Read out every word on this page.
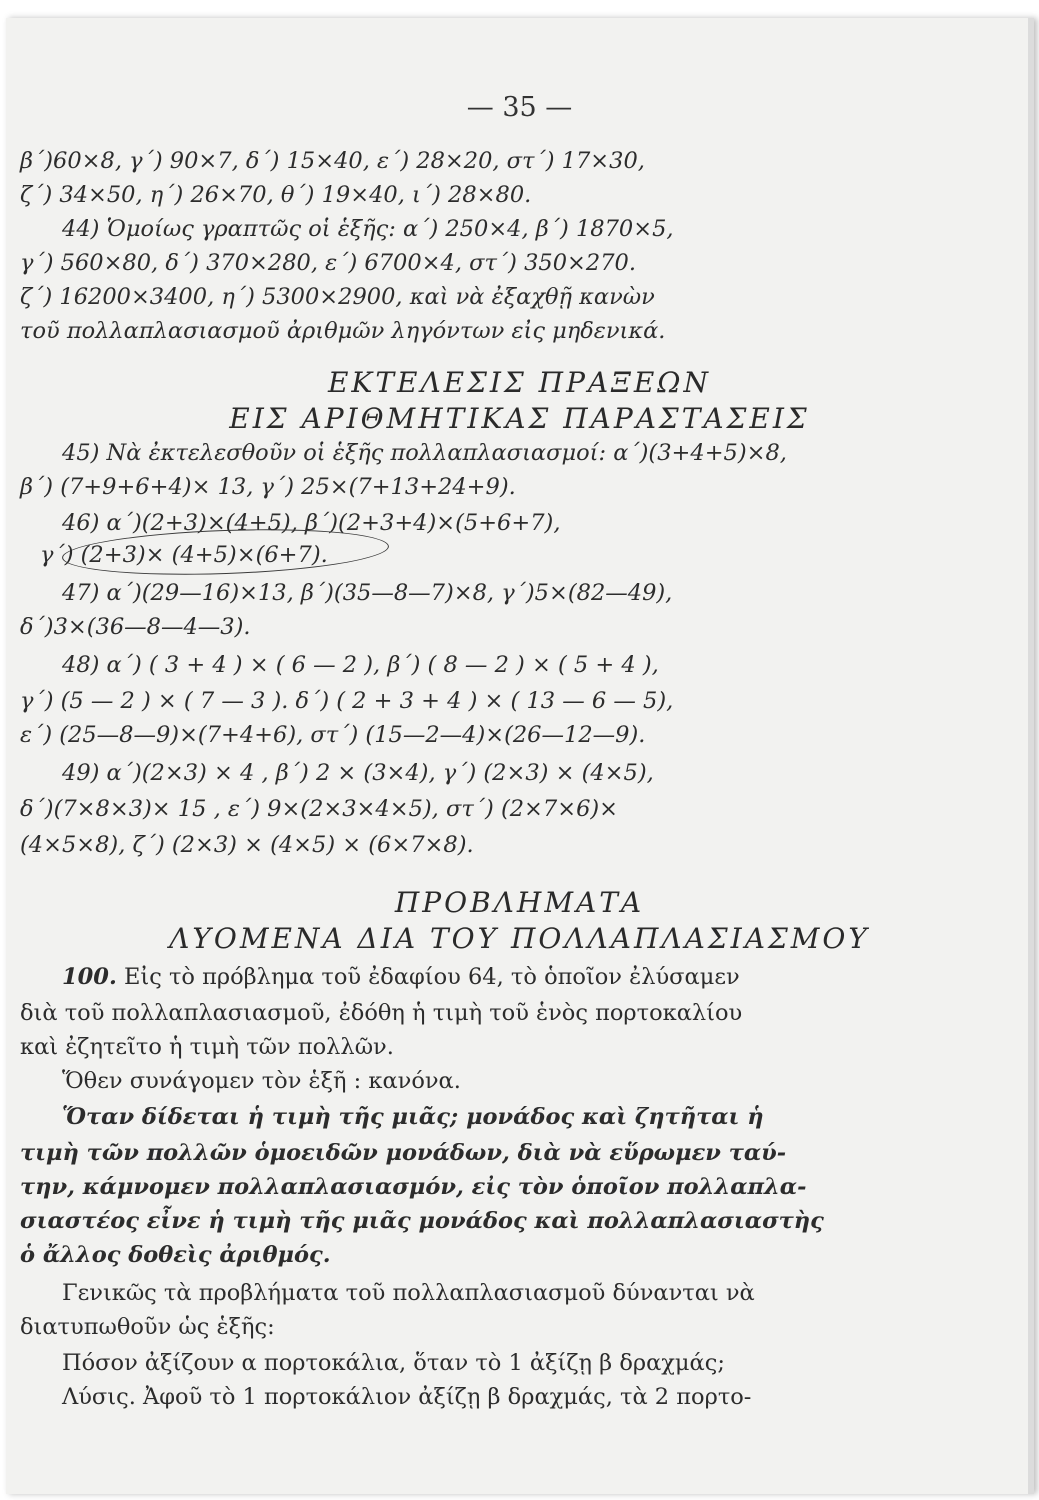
— 35 —
β΄)60×8, γ΄) 90×7, δ΄) 15×40, ε΄) 28×20, στ΄) 17×30,
ζ΄) 34×50, η΄) 26×70, θ΄) 19×40, ι΄) 28×80.
44) Ὁμοίως γραπτῶς οἱ ἑξῆς: α΄) 250×4, β΄) 1870×5,
γ΄) 560×80, δ΄) 370×280, ε΄) 6700×4, στ΄) 350×270.
ζ΄) 16200×3400, η΄) 5300×2900, καὶ νὰ ἐξαχθῇ κανὼν
τοῦ πολλαπλασιασμοῦ ἀριθμῶν ληγόντων εἰς μηδενικά.
ΕΚΤΕΛΕΣΙΣ ΠΡΑΞΕΩΝ
ΕΙΣ ΑΡΙΘΜΗΤΙΚΑΣ ΠΑΡΑΣΤΑΣΕΙΣ
45) Νὰ ἐκτελεσθοῦν οἱ ἑξῆς πολλαπλασιασμοί: α΄)(3+4+5)×8,
β΄) (7+9+6+4)× 13, γ΄) 25×(7+13+24+9).
46) α΄)(2+3)×(4+5), β΄)(2+3+4)×(5+6+7),
γ΄) (2+3)× (4+5)×(6+7).
47) α΄)(29—16)×13, β΄)(35—8—7)×8, γ΄)5×(82—49),
δ΄)3×(36—8—4—3).
48) α΄) ( 3 + 4 ) × ( 6 — 2 ), β΄) ( 8 — 2 ) × ( 5 + 4 ),
γ΄) (5 — 2 ) × ( 7 — 3 ). δ΄) ( 2 + 3 + 4 ) × ( 13 — 6 — 5),
ε΄) (25—8—9)×(7+4+6), στ΄) (15—2—4)×(26—12—9).
49) α΄)(2×3) × 4 , β΄) 2 × (3×4), γ΄) (2×3) × (4×5),
δ΄)(7×8×3)× 15 , ε΄) 9×(2×3×4×5), στ΄) (2×7×6)×
(4×5×8), ζ΄) (2×3) × (4×5) × (6×7×8).
ΠΡΟΒΛΗΜΑΤΑ
ΛΥΟΜΕΝΑ ΔΙΑ ΤΟΥ ΠΟΛΛΑΠΛΑΣΙΑΣΜΟΥ
100. Εἰς τὸ πρόβλημα τοῦ ἐδαφίου 64, τὸ ὁποῖον ἐλύσαμεν
διὰ τοῦ πολλαπλασιασμοῦ, ἐδόθη ἡ τιμὴ τοῦ ἑνὸς πορτοκαλίου
καὶ ἐζητεῖτο ἡ τιμὴ τῶν πολλῶν.
Ὅθεν συνάγομεν τὸν ἑξῆ : κανόνα.
Ὅταν δίδεται ἡ τιμὴ τῆς μιᾶς; μονάδος καὶ ζητῆται ἡ
τιμὴ τῶν πολλῶν ὁμοειδῶν μονάδων, διὰ νὰ εὕρωμεν ταύ-
την, κάμνομεν πολλαπλασιασμόν, εἰς τὸν ὁποῖον πολλαπλα-
σιαστέος εἶνε ἡ τιμὴ τῆς μιᾶς μονάδος καὶ πολλαπλασιαστὴς
ὁ ἄλλος δοθεὶς ἀριθμός.
Γενικῶς τὰ προβλήματα τοῦ πολλαπλασιασμοῦ δύνανται νὰ
διατυπωθοῦν ὡς ἑξῆς:
Πόσον ἀξίζουν α πορτοκάλια, ὅταν τὸ 1 ἀξίζῃ β δραχμάς;
Λύσις. Ἀφοῦ τὸ 1 πορτοκάλιον ἀξίζῃ β δραχμάς, τὰ 2 πορτο-
